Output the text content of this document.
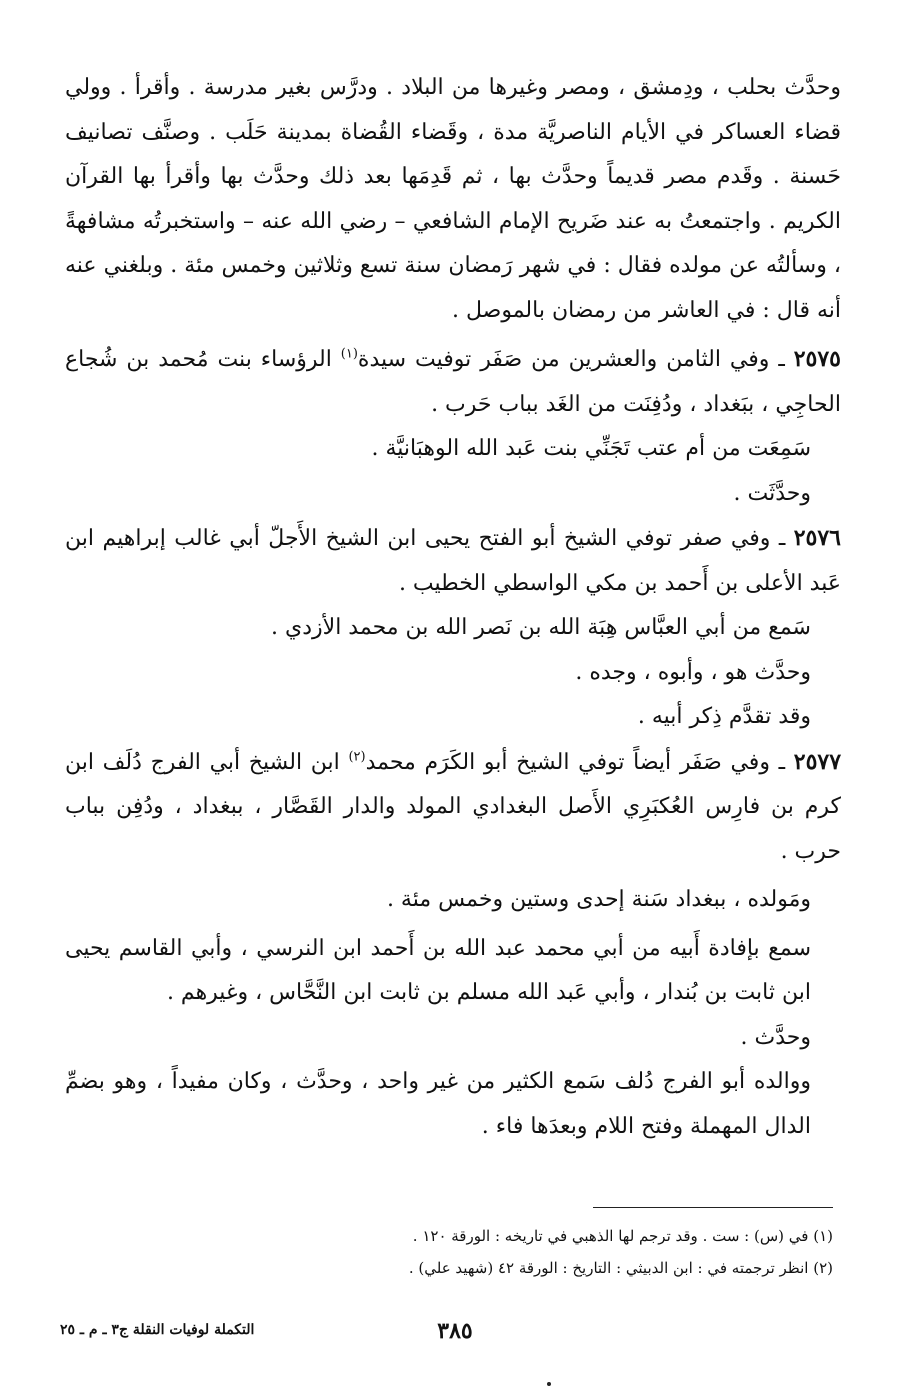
وحدَّث بحلب ، ودِمشق ، ومصر وغيرها من البلاد . ودرَّس بغير مدرسة . وأقرأ . وولي قضاء العساكر في الأيام الناصريَّة مدة ، وقَضاء القُضاة بمدينة حَلَب . وصنَّف تصانيف حَسنة . وقَدم مصر قديماً وحدَّث بها ، ثم قَدِمَها بعد ذلك وحدَّث بها وأقرأ بها القرآن الكريم . واجتمعتُ به عند ضَريح الإمام الشافعي – رضي الله عنه – واستخبرتُه مشافهةً ، وسألتُه عن مولده فقال : في شهر رَمضان سنة تسع وثلاثين وخمس مئة . وبلغني عنه أنه قال : في العاشر من رمضان بالموصل .

٢٥٧٥ ـ وفي الثامن والعشرين من صَفَر توفيت سيدة$^{(١)}$ الرؤساء بنت مُحمد بن شُجاع الحاجِي ، ببَغداد ، ودُفِنَت من الغَد بباب حَرب .

سَمِعَت من أم عتب تَجَنِّي بنت عَبد الله الوهبَانيَّة .

وحدَّثَت .

٢٥٧٦ ـ وفي صفر توفي الشيخ أبو الفتح يحيى ابن الشيخ الأَجلّ أبي غالب إبراهيم ابن عَبد الأعلى بن أَحمد بن مكي الواسطي الخطيب .

سَمع من أبي العبَّاس هِبَة الله بن نَصر الله بن محمد الأزدي .

وحدَّث هو ، وأبوه ، وجده .

وقد تقدَّم ذِكر أبيه .

٢٥٧٧ ـ وفي صَفَر أيضاً توفي الشيخ أبو الكَرَم محمد$^{(٢)}$ ابن الشيخ أبي الفرج دُلَف ابن كرم بن فارِس العُكبَرِي الأَصل البغدادي المولد والدار القَصَّار ، ببغداد ، ودُفِن بباب حرب .

ومَولده ، ببغداد سَنة إحدى وستين وخمس مئة .

سمع بإفادة أَبيه من أبي محمد عبد الله بن أَحمد ابن النرسي ، وأبي القاسم يحيى ابن ثابت بن بُندار ، وأبي عَبد الله مسلم بن ثابت ابن النَّحَّاس ، وغيرهم .

وحدَّث .

ووالده أبو الفرج دُلف سَمع الكثير من غير واحد ، وحدَّث ، وكان مفيداً ، وهو بضمِّ الدال المهملة وفتح اللام وبعدَها فاء .

(١) في (س) : ست . وقد ترجم لها الذهبي في تاريخه : الورقة ١٢٠ .

(٢) انظر ترجمته في : ابن الدبيثي : التاريخ : الورقة ٤٢ (شهيد علي) .

٣٨٥
التكملة لوفيات النقلة ج٣ ـ م ـ ٢٥
